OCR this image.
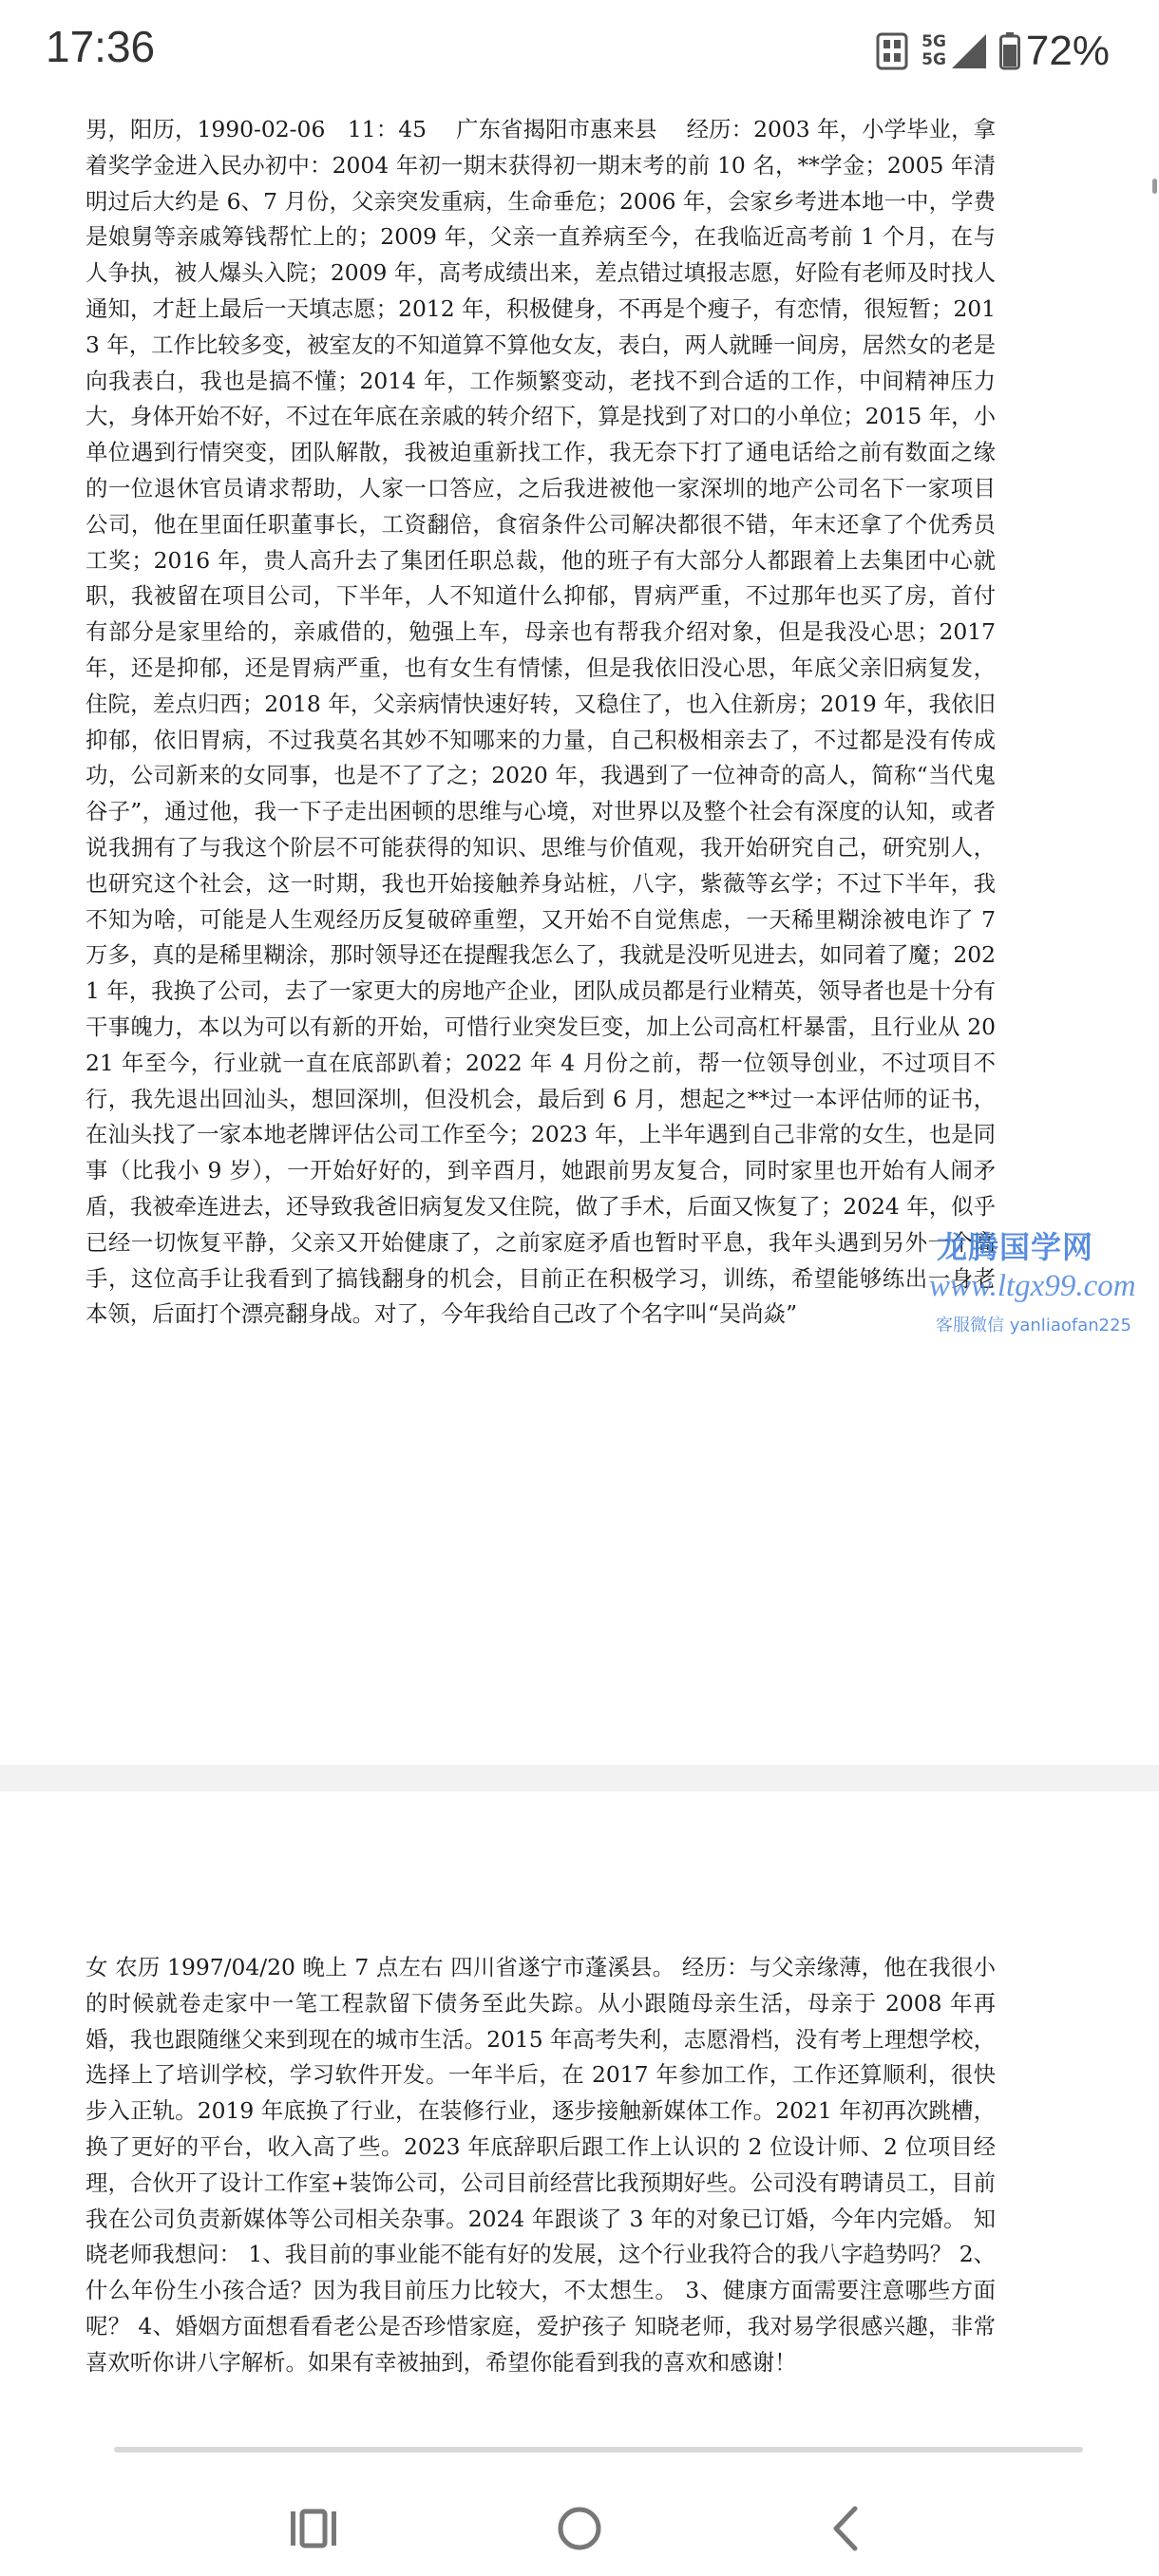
17:36	5G
5G 72%
男，阳历，1990-02-06　11：45　 广东省揭阳市惠来县　 经历：2003 年，小学毕业，拿着奖学金进入民办初中：2004 年初一期末获得初一期末考的前 10 名，**学金；2005 年清明过后大约是 6、7 月份，父亲突发重病，生命垂危；2006 年，会家乡考进本地一中，学费是娘舅等亲戚筹钱帮忙上的；2009 年，父亲一直养病至今，在我临近高考前 1 个月，在与人争执，被人爆头入院；2009 年，高考成绩出来，差点错过填报志愿，好险有老师及时找人通知，才赶上最后一天填志愿；2012 年，积极健身，不再是个瘦子，有恋情，很短暂；2013 年，工作比较多变，被室友的不知道算不算他女友，表白，两人就睡一间房，居然女的老是向我表白，我也是搞不懂；2014 年，工作频繁变动，老找不到合适的工作，中间精神压力大，身体开始不好，不过在年底在亲戚的转介绍下，算是找到了对口的小单位；2015 年，小单位遇到行情突变，团队解散，我被迫重新找工作，我无奈下打了通电话给之前有数面之缘的一位退休官员请求帮助，人家一口答应，之后我进被他一家深圳的地产公司名下一家项目公司，他在里面任职董事长，工资翻倍，食宿条件公司解决都很不错，年末还拿了个优秀员工奖；2016 年，贵人高升去了集团任职总裁，他的班子有大部分人都跟着上去集团中心就职，我被留在项目公司，下半年，人不知道什么抑郁，胃病严重，不过那年也买了房，首付有部分是家里给的，亲戚借的，勉强上车，母亲也有帮我介绍对象，但是我没心思；2017 年，还是抑郁，还是胃病严重，也有女生有情愫，但是我依旧没心思，年底父亲旧病复发，住院，差点归西；2018 年，父亲病情快速好转，又稳住了，也入住新房；2019 年，我依旧抑郁，依旧胃病，不过我莫名其妙不知哪来的力量，自己积极相亲去了，不过都是没有传成功，公司新来的女同事，也是不了了之；2020 年，我遇到了一位神奇的高人，简称“当代鬼谷子”，通过他，我一下子走出困顿的思维与心境，对世界以及整个社会有深度的认知，或者说我拥有了与我这个阶层不可能获得的知识、思维与价值观，我开始研究自己，研究别人，也研究这个社会，这一时期，我也开始接触养身站桩，八字，紫薇等玄学；不过下半年，我不知为啥，可能是人生观经历反复破碎重塑，又开始不自觉焦虑，一天稀里糊涂被电诈了 7 万多，真的是稀里糊涂，那时领导还在提醒我怎么了，我就是没听见进去，如同着了魔；2021 年，我换了公司，去了一家更大的房地产企业，团队成员都是行业精英，领导者也是十分有干事魄力，本以为可以有新的开始，可惜行业突发巨变，加上公司高杠杆暴雷，且行业从 2021 年至今，行业就一直在底部趴着；2022 年 4 月份之前，帮一位领导创业，不过项目不行，我先退出回汕头，想回深圳，但没机会，最后到 6 月，想起之**过一本评估师的证书，在汕头找了一家本地老牌评估公司工作至今；2023 年，上半年遇到自己非常的女生，也是同事（比我小 9 岁），一开始好好的，到辛酉月，她跟前男友复合，同时家里也开始有人闹矛盾，我被牵连进去，还导致我爸旧病复发又住院，做了手术，后面又恢复了；2024 年，似乎已经一切恢复平静，父亲又开始健康了，之前家庭矛盾也暂时平息，我年头遇到另外一个高手，这位高手让我看到了搞钱翻身的机会，目前正在积极学习，训练，希望能够练出一身老本领，后面打个漂亮翻身战。对了，今年我给自己改了个名字叫“吴尚焱”
龙腾国学网
www.ltgx99.com
客服微信 yanliaofan225
女 农历 1997/04/20 晚上 7 点左右 四川省遂宁市蓬溪县。 经历：与父亲缘薄，他在我很小的时候就卷走家中一笔工程款留下债务至此失踪。从小跟随母亲生活，母亲于 2008 年再婚，我也跟随继父来到现在的城市生活。2015 年高考失利，志愿滑档，没有考上理想学校，选择上了培训学校，学习软件开发。一年半后，在 2017 年参加工作，工作还算顺利，很快步入正轨。2019 年底换了行业，在装修行业，逐步接触新媒体工作。2021 年初再次跳槽，换了更好的平台，收入高了些。2023 年底辞职后跟工作上认识的 2 位设计师、2 位项目经理，合伙开了设计工作室+装饰公司，公司目前经营比我预期好些。公司没有聘请员工，目前我在公司负责新媒体等公司相关杂事。2024 年跟谈了 3 年的对象已订婚，今年内完婚。 知晓老师我想问： 1、我目前的事业能不能有好的发展，这个行业我符合的我八字趋势吗？ 2、什么年份生小孩合适？因为我目前压力比较大，不太想生。 3、健康方面需要注意哪些方面呢？ 4、婚姻方面想看看老公是否珍惜家庭，爱护孩子 知晓老师，我对易学很感兴趣，非常喜欢听你讲八字解析。如果有幸被抽到，希望你能看到我的喜欢和感谢！
